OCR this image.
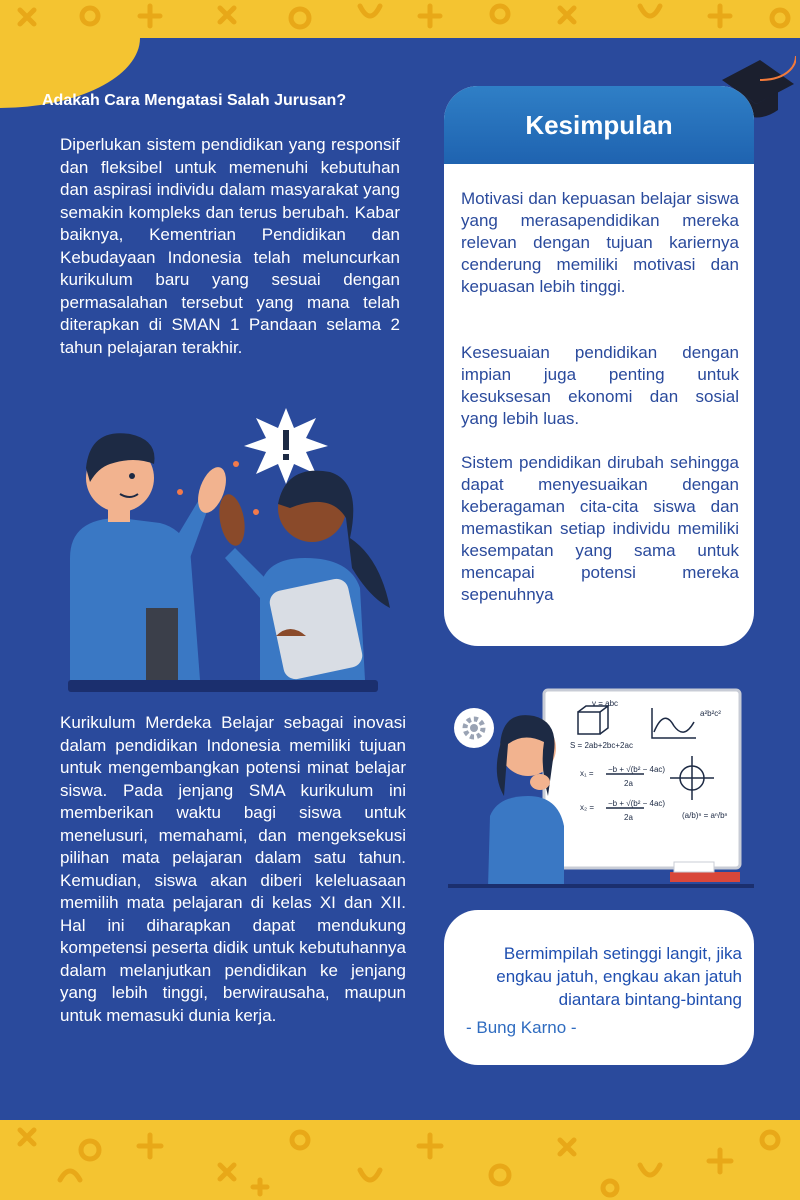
Adakah Cara Mengatasi Salah Jurusan?
Diperlukan sistem pendidikan yang responsif dan fleksibel untuk memenuhi kebutuhan dan aspirasi individu dalam masyarakat yang semakin kompleks dan terus berubah. Kabar baiknya, Kementrian Pendidikan dan Kebudayaan Indonesia telah meluncurkan kurikulum baru yang sesuai dengan permasalahan tersebut yang mana telah diterapkan di SMAN 1 Pandaan selama 2 tahun pelajaran terakhir.
Kurikulum Merdeka Belajar sebagai inovasi dalam pendidikan Indonesia memiliki tujuan untuk mengembangkan potensi minat belajar siswa. Pada jenjang SMA kurikulum ini memberikan waktu bagi siswa untuk menelusuri, memahami, dan mengeksekusi pilihan mata pelajaran dalam satu tahun. Kemudian, siswa akan diberi keleluasaan memilih mata pelajaran di kelas XI dan XII. Hal ini diharapkan dapat mendukung kompetensi peserta didik untuk kebutuhannya dalam melanjutkan pendidikan ke jenjang yang lebih tinggi, berwirausaha, maupun untuk memasuki dunia kerja.
Kesimpulan
Motivasi dan kepuasan belajar siswa yang merasapendidikan mereka relevan dengan tujuan kariernya cenderung memiliki motivasi dan kepuasan lebih tinggi.
Kesesuaian pendidikan dengan impian juga penting untuk kesuksesan ekonomi dan sosial yang lebih luas.
Sistem pendidikan dirubah sehingga dapat menyesuaikan dengan keberagaman cita-cita siswa dan memastikan setiap individu memiliki kesempatan yang sama untuk mencapai potensi mereka sepenuhnya
v = abc
S = 2ab+2bc+2ac
a²b²c²
x₁ = −b + √(b² − 4ac)
2a
x₂ = −b + √(b² − 4ac)
2a	(a/b)ⁿ = aⁿ/bⁿ
Bermimpilah setinggi langit, jika engkau jatuh, engkau akan jatuh diantara bintang-bintang
- Bung Karno -
